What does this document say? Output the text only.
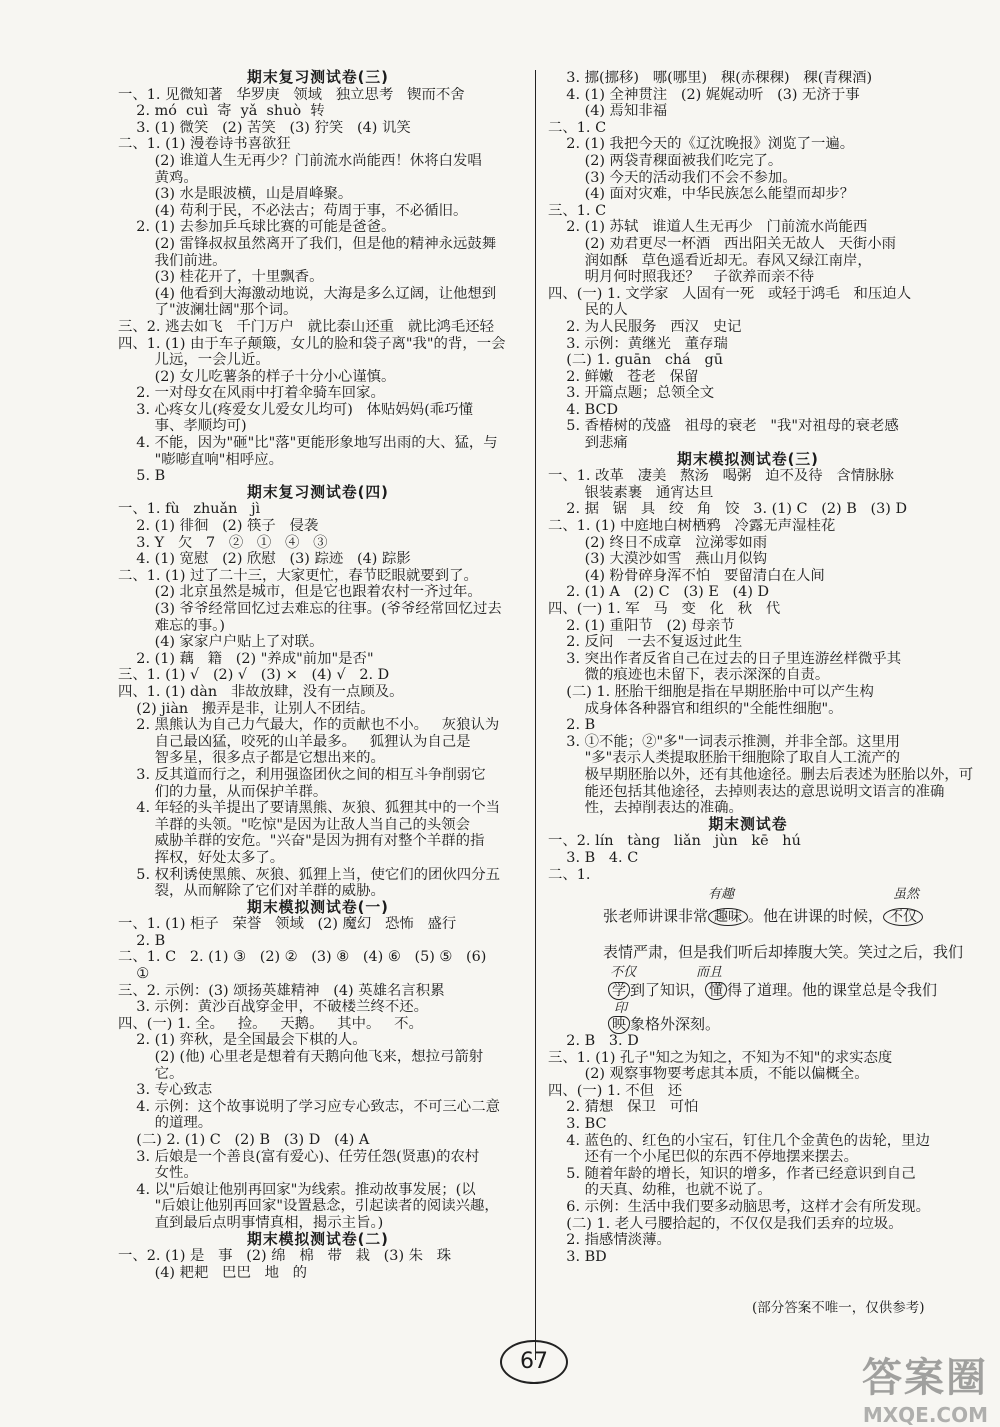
期末复习测试卷(三)
一、1. 见微知著   华罗庚   领域   独立思考   锲而不舍
2. mó  cuì  寄  yǎ  shuò  转
3. (1) 微笑   (2) 苦笑   (3) 狞笑   (4) 讥笑
二、1. (1) 漫卷诗书喜欲狂
(2) 谁道人生无再少？门前流水尚能西！休将白发唱
黄鸡。
(3) 水是眼波横，山是眉峰聚。
(4) 苟利于民，不必法古；苟周于事，不必循旧。
2. (1) 去参加乒乓球比赛的可能是爸爸。
(2) 雷锋叔叔虽然离开了我们，但是他的精神永远鼓舞
我们前进。
(3) 桂花开了，十里飘香。
(4) 他看到大海激动地说，大海是多么辽阔，让他想到
了"波澜壮阔"那个词。
三、2. 逃去如飞   千门万户   就比泰山还重   就比鸿毛还轻
四、1. (1) 由于车子颠簸，女儿的脸和袋子离"我"的背，一会
儿远，一会儿近。
(2) 女儿吃薯条的样子十分小心谨慎。
2. 一对母女在风雨中打着伞骑车回家。
3. 心疼女儿(疼爱女儿爱女儿均可)   体贴妈妈(乖巧懂
事、孝顺均可)
4. 不能，因为"砸"比"落"更能形象地写出雨的大、猛，与
"嘭嘭直响"相呼应。
5. B
期末复习测试卷(四)
一、1. fù   zhuǎn   jì
2. (1) 徘徊   (2) 筷子   侵袭
3. Y   欠   7   ②   ①   ④   ③
4. (1) 宽慰   (2) 欣慰   (3) 踪迹   (4) 踪影
二、1. (1) 过了二十三，大家更忙，春节眨眼就要到了。
(2) 北京虽然是城市，但是它也跟着农村一齐过年。
(3) 爷爷经常回忆过去难忘的往事。(爷爷经常回忆过去
难忘的事。)
(4) 家家户户贴上了对联。
2. (1) 藕   籍   (2) "养成"前加"是否"
三、1. (1) √   (2) √   (3) ×   (4) √   2. D
四、1. (1) dàn   非故放肆，没有一点顾及。
(2) jiàn   搬弄是非，让别人不团结。
2. 黑熊认为自己力气最大，作的贡献也不小。   灰狼认为
自己最凶猛，咬死的山羊最多。   狐狸认为自己是
智多星，很多点子都是它想出来的。
3. 反其道而行之，利用强盗团伙之间的相互斗争削弱它
们的力量，从而保护羊群。
4. 年轻的头羊提出了要请黑熊、灰狼、狐狸其中的一个当
羊群的头领。"吃惊"是因为让敌人当自己的头领会
威胁羊群的安危。"兴奋"是因为拥有对整个羊群的指
挥权，好处太多了。
5. 权利诱使黑熊、灰狼、狐狸上当，使它们的团伙四分五
裂，从而解除了它们对羊群的威胁。
期末模拟测试卷(一)
一、1. (1) 柜子   荣誉   领域   (2) 魔幻   恐怖   盛行
2. B
二、1. C   2. (1) ③   (2) ②   (3) ⑧   (4) ⑥   (5) ⑤   (6)
①
三、2. 示例：(3) 颂扬英雄精神   (4) 英雄名言积累
3. 示例：黄沙百战穿金甲，不破楼兰终不还。
四、(一) 1. 全。   捡。   天鹅。   其中。   不。
2. (1) 弈秋，是全国最会下棋的人。
(2) (他) 心里老是想着有天鹅向他飞来，想拉弓箭射
它。
3. 专心致志
4. 示例：这个故事说明了学习应专心致志，不可三心二意
的道理。
(二) 2. (1) C   (2) B   (3) D   (4) A
3. 后娘是一个善良(富有爱心)、任劳任怨(贤惠)的农村
女性。
4. 以"后娘让他别再回家"为线索。推动故事发展；(以
"后娘让他别再回家"设置悬念，引起读者的阅读兴趣，
直到最后点明事情真相，揭示主旨。)
期末模拟测试卷(二)
一、2. (1) 是   事   (2) 绵   棉   带   栽   (3) 朱   珠
(4) 耙耙   巴巴   地   的
3. 挪(挪移)   哪(哪里)   稞(赤稞稞)   稞(青稞酒)
4. (1) 全神贯注   (2) 娓娓动听   (3) 无济于事
(4) 焉知非福
二、1. C
2. (1) 我把今天的《辽沈晚报》浏览了一遍。
(2) 两袋青稞面被我们吃完了。
(3) 今天的活动我们不会不参加。
(4) 面对灾难，中华民族怎么能望而却步？
三、1. C
2. (1) 苏轼   谁道人生无再少   门前流水尚能西
(2) 劝君更尽一杯酒   西出阳关无故人   天街小雨
润如酥   草色遥看近却无。春风又绿江南岸，
明月何时照我还？   子欲养而亲不待
四、(一) 1. 文学家   人固有一死   或轻于鸿毛   和压迫人
民的人
2. 为人民服务   西汉   史记
3. 示例：黄继光   董存瑞
(二) 1. guān   chá   gū
2. 鲜嫩   苍老   保留
3. 开篇点题；总领全文
4. BCD
5. 香椿树的茂盛   祖母的衰老   "我"对祖母的衰老感
到悲痛
期末模拟测试卷(三)
一、1. 改革   凄美   熬汤   喝粥   迫不及待   含情脉脉
银装素裹   通宵达旦
2. 据   锯   具   绞   角   饺   3. (1) C   (2) B   (3) D
二、1. (1) 中庭地白树栖鸦   冷露无声湿桂花
(2) 终日不成章   泣涕零如雨
(3) 大漠沙如雪   燕山月似钩
(4) 粉骨碎身浑不怕   要留清白在人间
2. (1) A   (2) C   (3) E   (4) D
四、(一) 1. 军   马   变   化   秋   代
2. (1) 重阳节   (2) 母亲节
2. 反问   一去不复返过此生
3. 突出作者反省自己在过去的日子里连游丝样微乎其
微的痕迹也未留下，表示深深的自责。
(二) 1. 胚胎干细胞是指在早期胚胎中可以产生构
成身体各种器官和组织的"全能性细胞"。
2. B
3. ①不能；②"多"一词表示推测，并非全部。这里用
"多"表示人类提取胚胎干细胞除了取自人工流产的
极早期胚胎以外，还有其他途径。删去后表述为胚胎以外，可
能还包括其他途径，去掉则表达的意思说明文语言的准确
性，去掉削表达的准确。
期末测试卷
一、2. lín   tàng   liǎn   jùn   kē   hú
3. B   4. C
二、1.
有趣	虽然
张老师讲课非常 趣味 。他在讲课的时候， 不仅
表情严肃，但是我们听后却捧腹大笑。笑过之后，我们
不仅	而且
学 到了知识， 懂 得了道理。他的课堂总是令我们
印
映 象格外深刻。
2. B   3. D
三、1. (1) 孔子"知之为知之，不知为不知"的求实态度
(2) 观察事物要考虑其本质，不能以偏概全。
四、(一) 1. 不但   还
2. 猜想   保卫   可怕
3. BC
4. 蓝色的、红色的小宝石，钉住几个金黄色的齿轮，里边
还有一个小尾巴似的东西不停地摆来摆去。
5. 随着年龄的增长，知识的增多，作者已经意识到自己
的天真、幼稚，也就不说了。
6. 示例：生活中我们要多动脑思考，这样才会有所发现。
(二) 1. 老人弓腰拾起的，不仅仅是我们丢弃的垃圾。
2. 指感情淡薄。
3. BD
(部分答案不唯一，仅供参考)
67	答案圈
MXQE.COM
